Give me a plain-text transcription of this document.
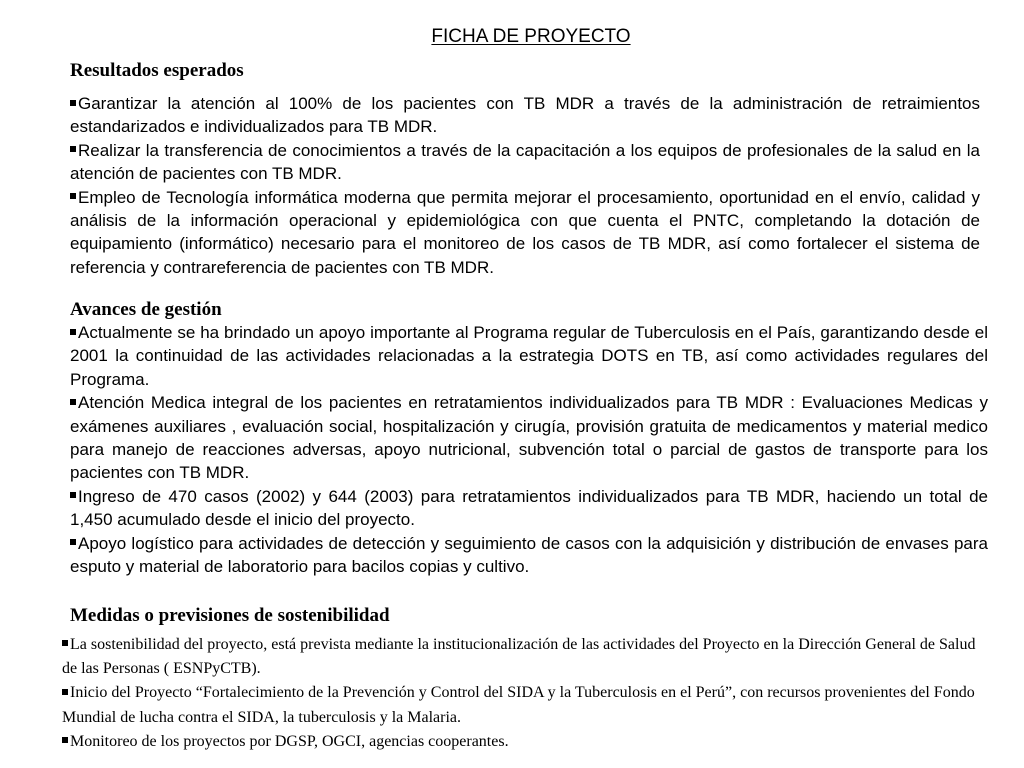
FICHA DE PROYECTO
Resultados esperados
Garantizar la atención al 100% de los pacientes con TB MDR a través de la administración de retraimientos estandarizados e individualizados para TB MDR.
Realizar la transferencia de conocimientos a través de la capacitación a los equipos de profesionales de la salud en la atención de pacientes con TB MDR.
Empleo de Tecnología informática moderna que permita mejorar el procesamiento, oportunidad en el envío, calidad y análisis de la información operacional y epidemiológica con que cuenta el PNTC, completando la dotación de equipamiento (informático) necesario para el monitoreo de los casos de TB MDR, así como fortalecer el sistema de referencia y contrareferencia de pacientes con TB MDR.
Avances de gestión
Actualmente se ha brindado un apoyo importante al Programa regular de Tuberculosis en el País, garantizando desde el 2001 la continuidad de las actividades relacionadas a la estrategia DOTS en TB, así como actividades regulares del Programa.
Atención Medica integral de los pacientes en retratamientos individualizados para TB MDR : Evaluaciones Medicas y exámenes auxiliares , evaluación social, hospitalización y cirugía, provisión gratuita de medicamentos y material medico para manejo de reacciones adversas, apoyo nutricional, subvención total o parcial de gastos de transporte para los pacientes con TB MDR.
Ingreso de 470 casos (2002) y 644 (2003) para retratamientos individualizados para TB MDR, haciendo un total de 1,450 acumulado desde el inicio del proyecto.
Apoyo logístico para actividades de detección y seguimiento de casos con la adquisición y distribución de envases para esputo y material de laboratorio para bacilos copias y cultivo.
Medidas o previsiones de sostenibilidad
La sostenibilidad del proyecto, está prevista mediante la institucionalización de las actividades del Proyecto en la Dirección General de Salud de las Personas ( ESNPyCTB).
Inicio del Proyecto “Fortalecimiento de la Prevención y Control del SIDA y la Tuberculosis en el Perú”, con recursos provenientes del Fondo Mundial de lucha contra el SIDA, la tuberculosis y la Malaria.
Monitoreo de los proyectos por DGSP, OGCI, agencias cooperantes.
